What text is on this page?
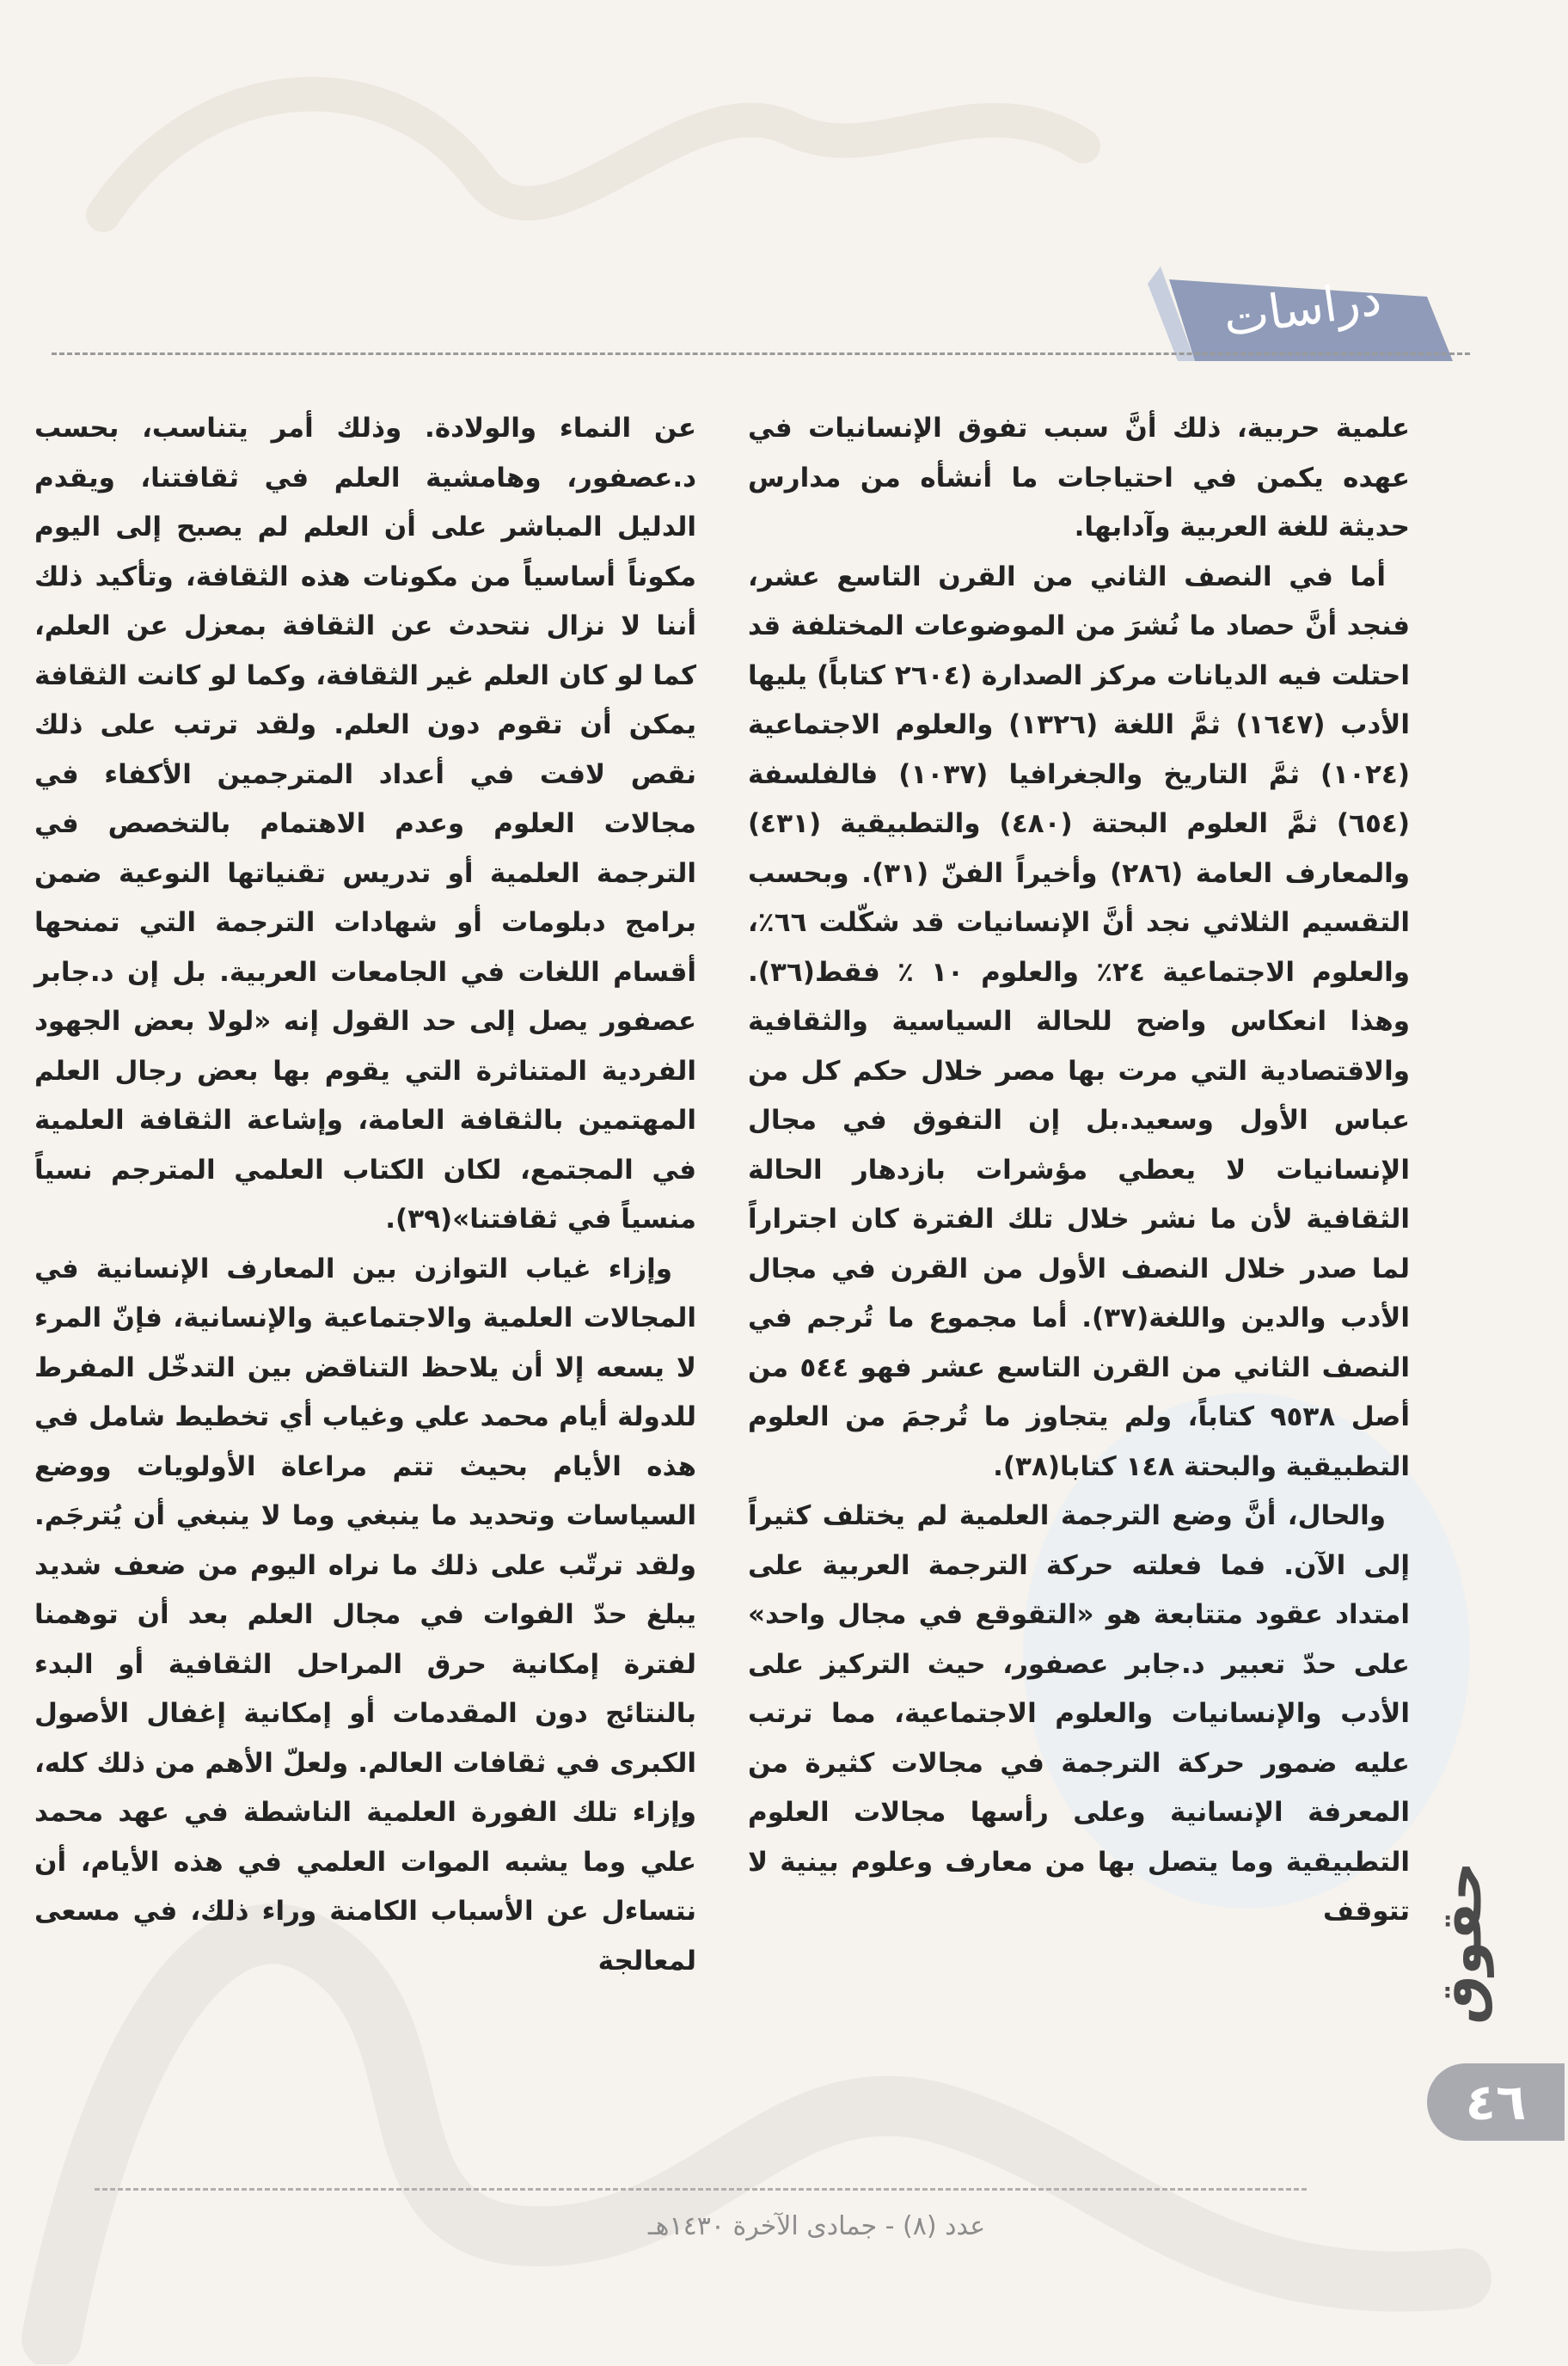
دراسات

علمية حربية، ذلك أنَّ سبب تفوق الإنسانيات في عهده يكمن في احتياجات ما أنشأه من مدارس حديثة للغة العربية وآدابها.

أما في النصف الثاني من القرن التاسع عشر، فنجد أنَّ حصاد ما نُشرَ من الموضوعات المختلفة قد احتلت فيه الديانات مركز الصدارة (٢٦٠٤ كتاباً) يليها الأدب (١٦٤٧) ثمَّ اللغة (١٣٢٦) والعلوم الاجتماعية (١٠٢٤) ثمَّ التاريخ والجغرافيا (١٠٣٧) فالفلسفة (٦٥٤) ثمَّ العلوم البحتة (٤٨٠) والتطبيقية (٤٣١) والمعارف العامة (٢٨٦) وأخيراً الفنّ (٣١). وبحسب التقسيم الثلاثي نجد أنَّ الإنسانيات قد شكّلت ٦٦٪، والعلوم الاجتماعية ٢٤٪ والعلوم ١٠ ٪ فقط(٣٦). وهذا انعكاس واضح للحالة السياسية والثقافية والاقتصادية التي مرت بها مصر خلال حكم كل من عباس الأول وسعيد.بل إن التفوق في مجال الإنسانيات لا يعطي مؤشرات بازدهار الحالة الثقافية لأن ما نشر خلال تلك الفترة كان اجتراراً لما صدر خلال النصف الأول من القرن في مجال الأدب والدين واللغة(٣٧). أما مجموع ما تُرجم في النصف الثاني من القرن التاسع عشر فهو ٥٤٤ من أصل ٩٥٣٨ كتاباً، ولم يتجاوز ما تُرجمَ من العلوم التطبيقية والبحتة ١٤٨ كتابا(٣٨).

والحال، أنَّ وضع الترجمة العلمية لم يختلف كثيراً إلى الآن. فما فعلته حركة الترجمة العربية على امتداد عقود متتابعة هو «التقوقع في مجال واحد» على حدّ تعبير د.جابر عصفور، حيث التركيز على الأدب والإنسانيات والعلوم الاجتماعية، مما ترتب عليه ضمور حركة الترجمة في مجالات كثيرة من المعرفة الإنسانية وعلى رأسها مجالات العلوم التطبيقية وما يتصل بها من معارف وعلوم بينية لا تتوقف

عن النماء والولادة. وذلك أمر يتناسب، بحسب د.عصفور، وهامشية العلم في ثقافتنا، ويقدم الدليل المباشر على أن العلم لم يصبح إلى اليوم مكوناً أساسياً من مكونات هذه الثقافة، وتأكيد ذلك أننا لا نزال نتحدث عن الثقافة بمعزل عن العلم، كما لو كان العلم غير الثقافة، وكما لو كانت الثقافة يمكن أن تقوم دون العلم. ولقد ترتب على ذلك نقص لافت في أعداد المترجمين الأكفاء في مجالات العلوم وعدم الاهتمام بالتخصص في الترجمة العلمية أو تدريس تقنياتها النوعية ضمن برامج دبلومات أو شهادات الترجمة التي تمنحها أقسام اللغات في الجامعات العربية. بل إن د.جابر عصفور يصل إلى حد القول إنه «لولا بعض الجهود الفردية المتناثرة التي يقوم بها بعض رجال العلم المهتمين بالثقافة العامة، وإشاعة الثقافة العلمية في المجتمع، لكان الكتاب العلمي المترجم نسياً منسياً في ثقافتنا»(٣٩).

وإزاء غياب التوازن بين المعارف الإنسانية في المجالات العلمية والاجتماعية والإنسانية، فإنّ المرء لا يسعه إلا أن يلاحظ التناقض بين التدخّل المفرط للدولة أيام محمد علي وغياب أي تخطيط شامل في هذه الأيام بحيث تتم مراعاة الأولويات ووضع السياسات وتحديد ما ينبغي وما لا ينبغي أن يُترجَم. ولقد ترتّب على ذلك ما نراه اليوم من ضعف شديد يبلغ حدّ الفوات في مجال العلم بعد أن توهمنا لفترة إمكانية حرق المراحل الثقافية أو البدء بالنتائج دون المقدمات أو إمكانية إغفال الأصول الكبرى في ثقافات العالم. ولعلّ الأهم من ذلك كله، وإزاء تلك الفورة العلمية الناشطة في عهد محمد علي وما يشبه الموات العلمي في هذه الأيام، أن نتساءل عن الأسباب الكامنة وراء ذلك، في مسعى لمعالجة	حقوق
٤٦
عدد (٨) - جمادى الآخرة ١٤٣٠هـ
